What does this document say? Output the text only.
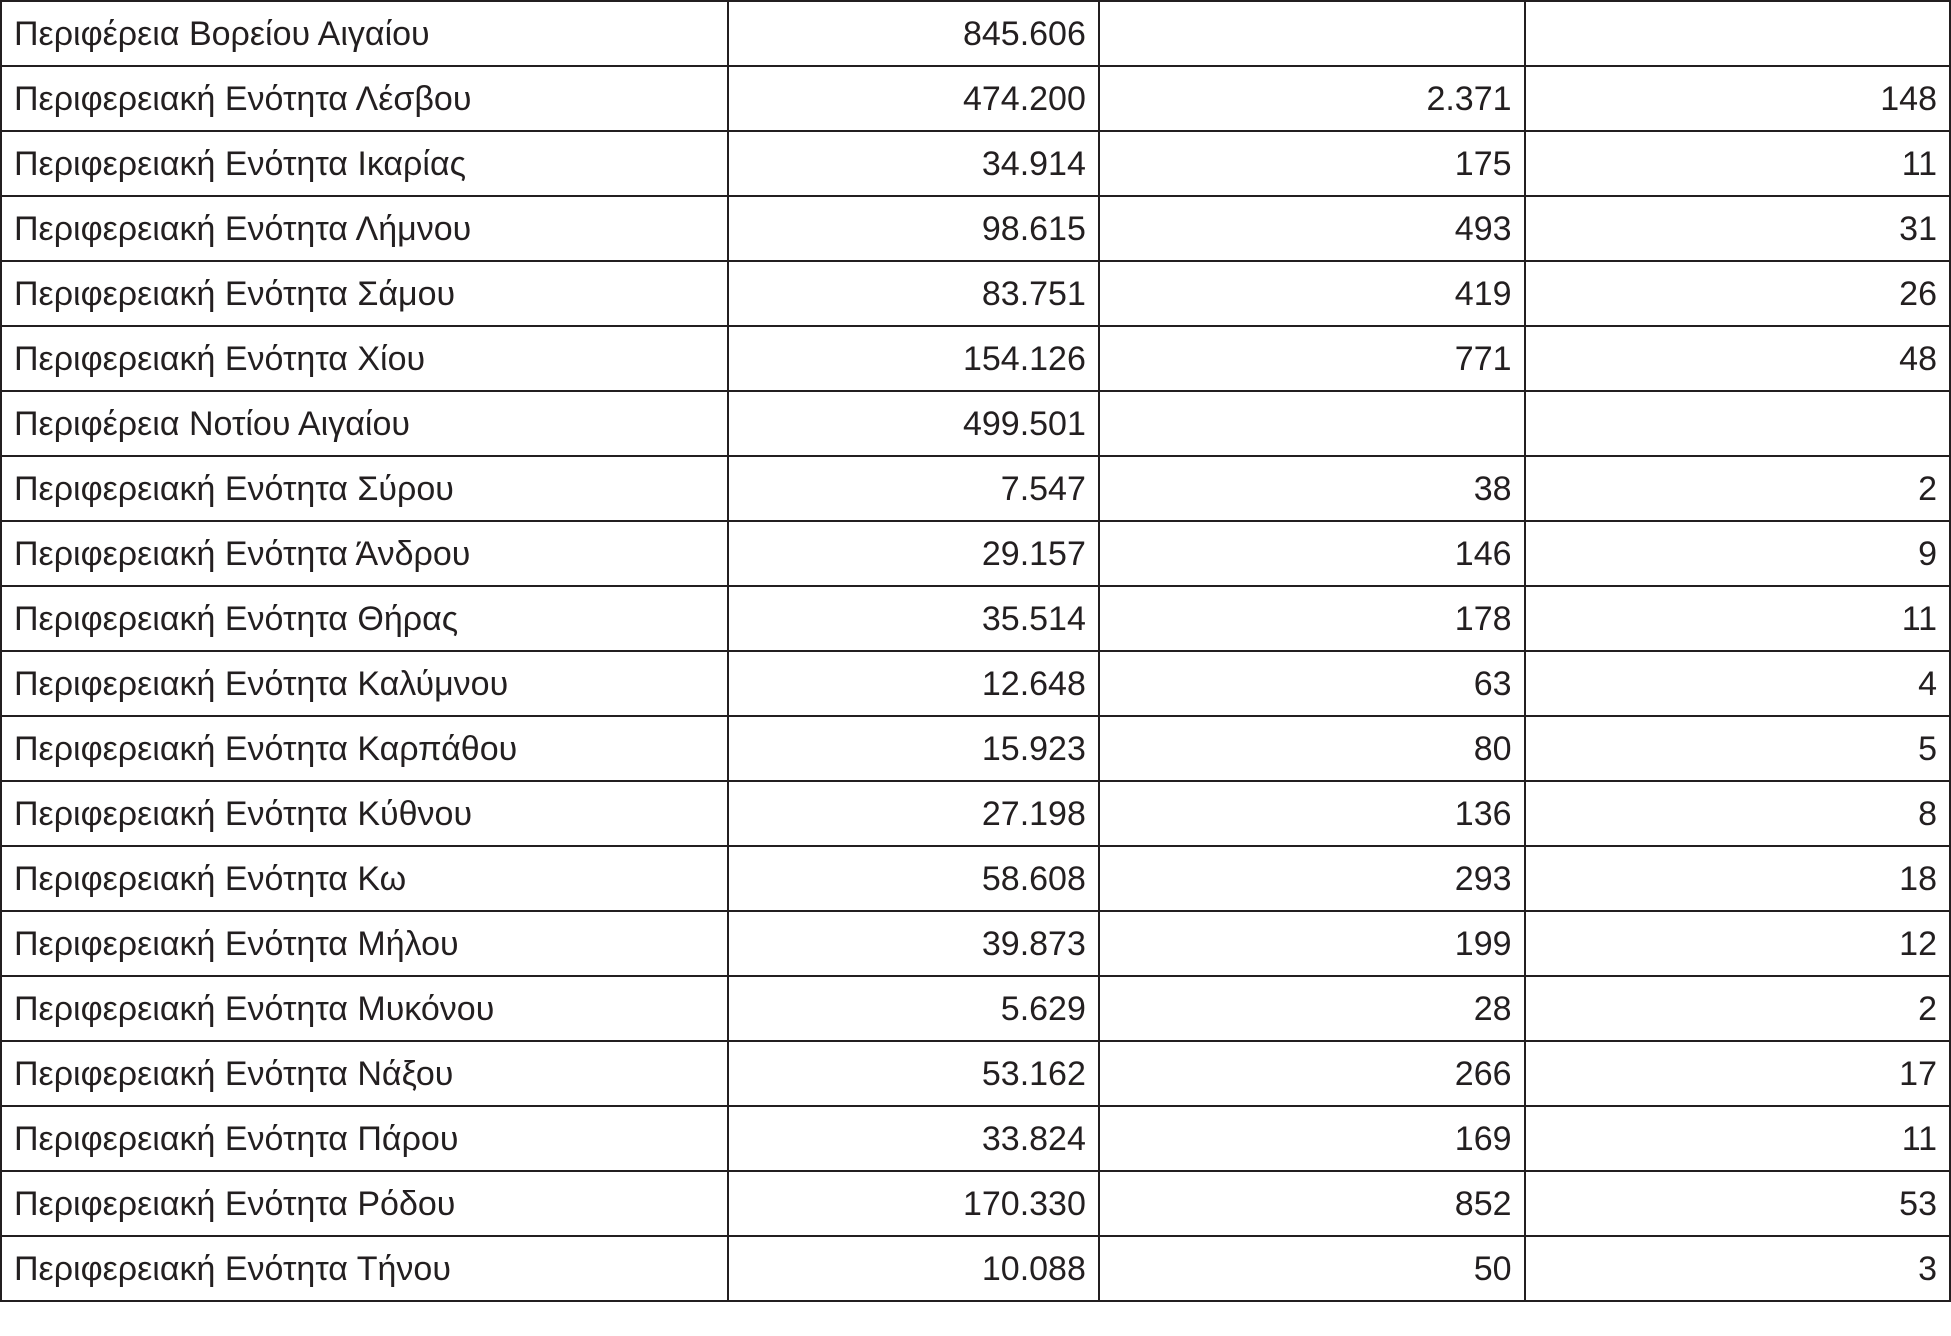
Περιφέρεια Βορείου Αιγαίου	845.606		
Περιφερειακή Ενότητα Λέσβου	474.200	2.371	148
Περιφερειακή Ενότητα Ικαρίας	34.914	175	11
Περιφερειακή Ενότητα Λήμνου	98.615	493	31
Περιφερειακή Ενότητα Σάμου	83.751	419	26
Περιφερειακή Ενότητα Χίου	154.126	771	48
Περιφέρεια Νοτίου Αιγαίου	499.501		
Περιφερειακή Ενότητα Σύρου	7.547	38	2
Περιφερειακή Ενότητα Άνδρου	29.157	146	9
Περιφερειακή Ενότητα Θήρας	35.514	178	11
Περιφερειακή Ενότητα Καλύμνου	12.648	63	4
Περιφερειακή Ενότητα Καρπάθου	15.923	80	5
Περιφερειακή Ενότητα Κύθνου	27.198	136	8
Περιφερειακή Ενότητα Κω	58.608	293	18
Περιφερειακή Ενότητα Μήλου	39.873	199	12
Περιφερειακή Ενότητα Μυκόνου	5.629	28	2
Περιφερειακή Ενότητα Νάξου	53.162	266	17
Περιφερειακή Ενότητα Πάρου	33.824	169	11
Περιφερειακή Ενότητα Ρόδου	170.330	852	53
Περιφερειακή Ενότητα Τήνου	10.088	50	3
